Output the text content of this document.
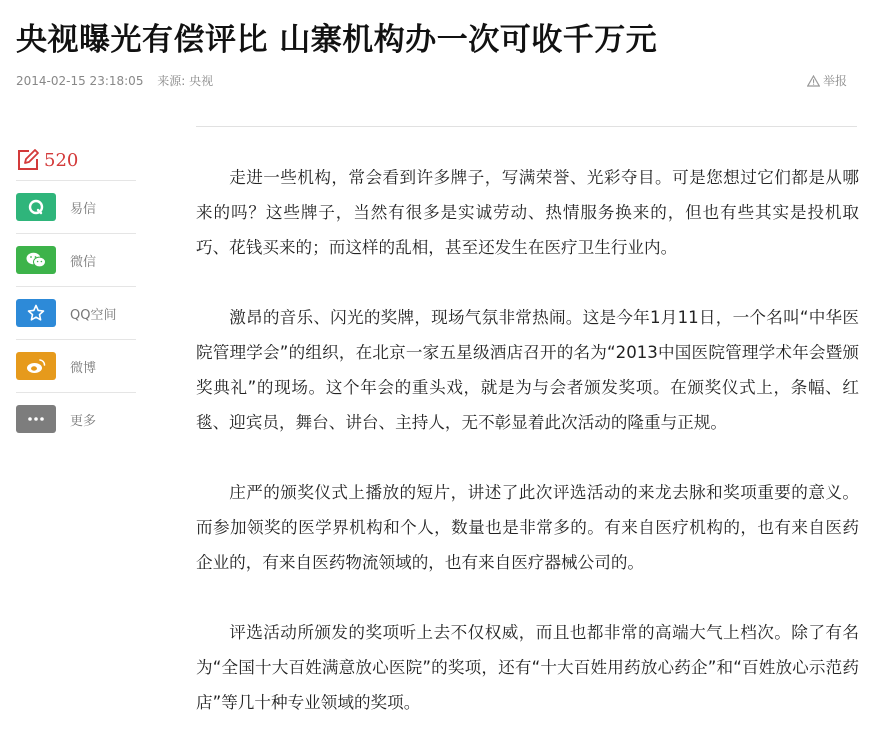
央视曝光有偿评比 山寨机构办一次可收千万元
2014-02-15 23:18:05 来源: 央视	举报
520
易信
微信
QQ空间
微博
更多

走进一些机构，常会看到许多牌子，写满荣誉、光彩夺目。可是您想过它们都是从哪来的吗？这些牌子，当然有很多是实诚劳动、热情服务换来的，但也有些其实是投机取巧、花钱买来的；而这样的乱相，甚至还发生在医疗卫生行业内。

激昂的音乐、闪光的奖牌，现场气氛非常热闹。这是今年1月11日，一个名叫“中华医院管理学会”的组织，在北京一家五星级酒店召开的名为“2013中国医院管理学术年会暨颁奖典礼”的现场。这个年会的重头戏，就是为与会者颁发奖项。在颁奖仪式上，条幅、红毯、迎宾员，舞台、讲台、主持人，无不彰显着此次活动的隆重与正规。

庄严的颁奖仪式上播放的短片，讲述了此次评选活动的来龙去脉和奖项重要的意义。而参加领奖的医学界机构和个人，数量也是非常多的。有来自医疗机构的，也有来自医药企业的，有来自医药物流领域的，也有来自医疗器械公司的。

评选活动所颁发的奖项听上去不仅权威，而且也都非常的高端大气上档次。除了有名为“全国十大百姓满意放心医院”的奖项，还有“十大百姓用药放心药企”和“百姓放心示范药店”等几十种专业领域的奖项。
